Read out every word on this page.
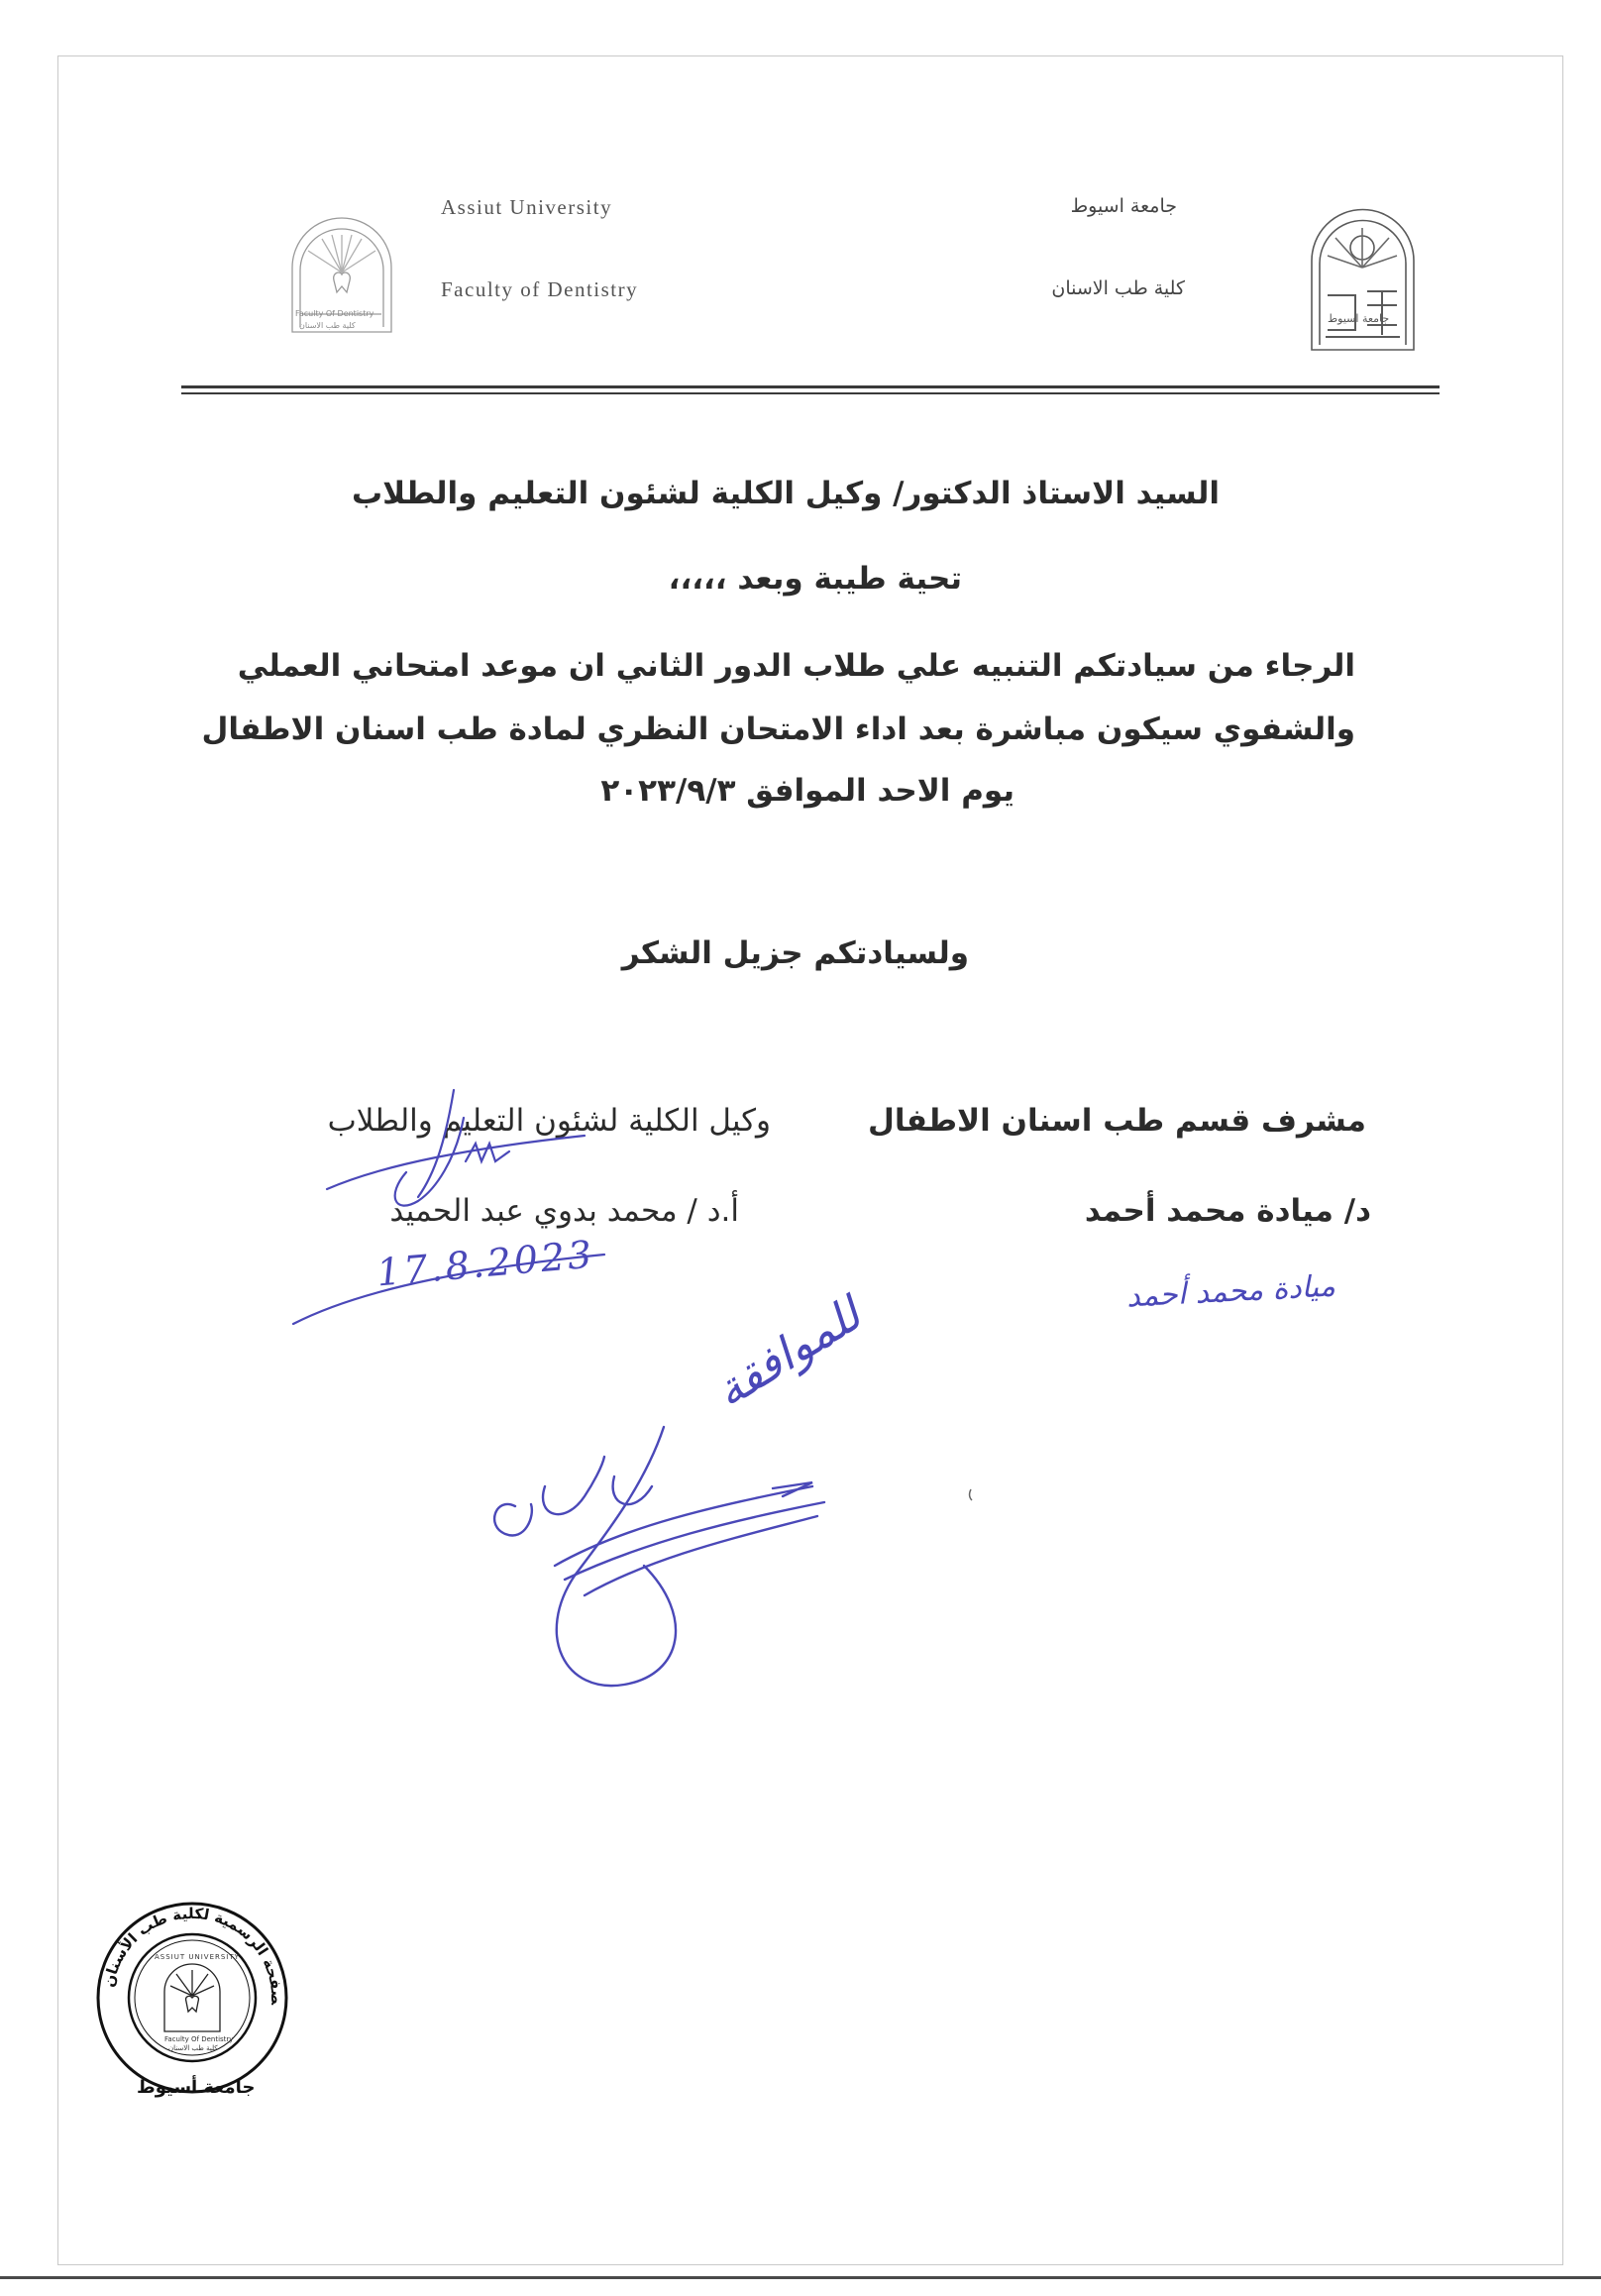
Faculty Of Dentistry

كلية طب الاسنان

Assiut University

Faculty of Dentistry

جامعة اسيوط

كلية طب الاسنان

جامعة اسيوط

السيد الاستاذ الدكتور/ وكيل الكلية لشئون التعليم والطلاب

تحية طيبة وبعد ،،،،،

الرجاء من سيادتكم التنبيه علي طلاب الدور الثاني ان موعد امتحاني العملي

والشفوي سيكون مباشرة بعد اداء الامتحان النظري لمادة طب اسنان الاطفال

يوم الاحد الموافق ٢٠٢٣/٩/٣

ولسيادتكم جزيل الشكر

مشرف قسم طب اسنان الاطفال

د/ ميادة محمد أحمد

ميادة محمد أحمد

وكيل الكلية لشئون التعليم والطلاب

أ.د / محمد بدوي عبد الحميد

17.8.2023

للموافقة

الصفحة الرسمية لكلية طب الأسنان

جامعة أسيوط

Faculty Of Dentistry

كلية طب الاسنان

ASSIUT UNIVERSITY
